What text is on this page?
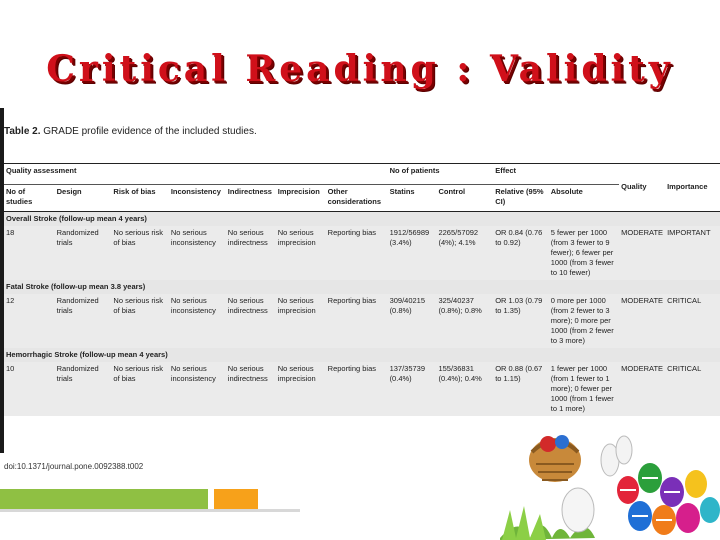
Critical Reading : Validity
Table 2. GRADE profile evidence of the included studies.
Quality assessment							No of patients		Effect		Quality	Importance
No of studies	Design	Risk of bias	Inconsistency	Indirectness	Imprecision	Other considerations	Statins	Control	Relative (95% CI)	Absolute		
Overall Stroke (follow-up mean 4 years)												
18	Randomized trials	No serious risk of bias	No serious inconsistency	No serious indirectness	No serious imprecision	Reporting bias	1912/56989 (3.4%)	2265/57092 (4%); 4.1%	OR 0.84 (0.76 to 0.92)	5 fewer per 1000 (from 3 fewer to 9 fewer); 6 fewer per 1000 (from 3 fewer to 10 fewer)	MODERATE	IMPORTANT
Fatal Stroke (follow-up mean 3.8 years)												
12	Randomized trials	No serious risk of bias	No serious inconsistency	No serious indirectness	No serious imprecision	Reporting bias	309/40215 (0.8%)	325/40237 (0.8%); 0.8%	OR 1.03 (0.79 to 1.35)	0 more per 1000 (from 2 fewer to 3 more); 0 more per 1000 (from 2 fewer to 3 more)	MODERATE	CRITICAL
Hemorrhagic Stroke (follow-up mean 4 years)												
10	Randomized trials	No serious risk of bias	No serious inconsistency	No serious indirectness	No serious imprecision	Reporting bias	137/35739 (0.4%)	155/36831 (0.4%); 0.4%	OR 0.88 (0.67 to 1.15)	1 fewer per 1000 (from 1 fewer to 1 more); 0 fewer per 1000 (from 1 fewer to 1 more)	MODERATE	CRITICAL
doi:10.1371/journal.pone.0092388.t002
